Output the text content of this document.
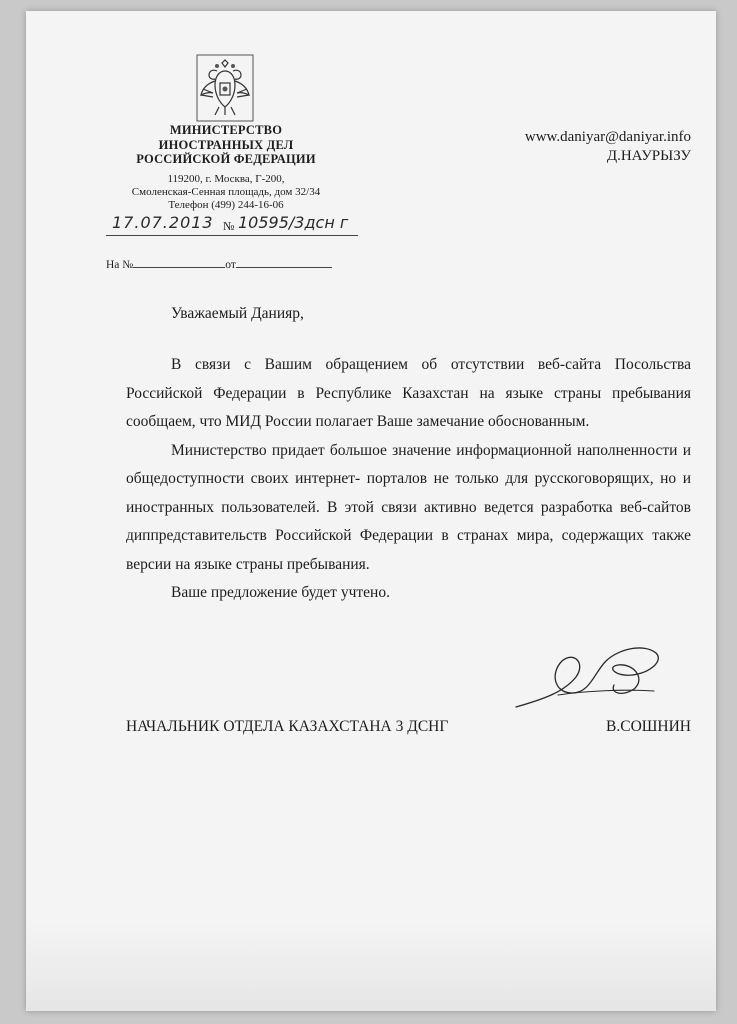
МИНИСТЕРСТВО
ИНОСТРАННЫХ ДЕЛ
РОССИЙСКОЙ ФЕДЕРАЦИИ
119200, г. Москва, Г-200,
Смоленская-Сенная площадь, дом 32/34
Телефон (499) 244-16-06
17.07.2013 № 10595/3дсн г
На №	от
www.daniyar@daniyar.info
Д.НАУРЫЗУ
Уважаемый Данияр,

В связи с Вашим обращением об отсутствии веб-сайта Посольства Российской Федерации в Республике Казахстан на языке страны пребывания сообщаем, что МИД России полагает Ваше замечание обоснованным.

Министерство придает большое значение информационной наполненности и общедоступности своих интернет- порталов не только для русскоговорящих, но и иностранных пользователей. В этой связи активно ведется разработка веб-сайтов диппредставительств Российской Федерации в странах мира, содержащих также версии на языке страны пребывания.

Ваше предложение будет учтено.

НАЧАЛЬНИК ОТДЕЛА КАЗАХСТАНА 3 ДСНГ	В.СОШНИН
